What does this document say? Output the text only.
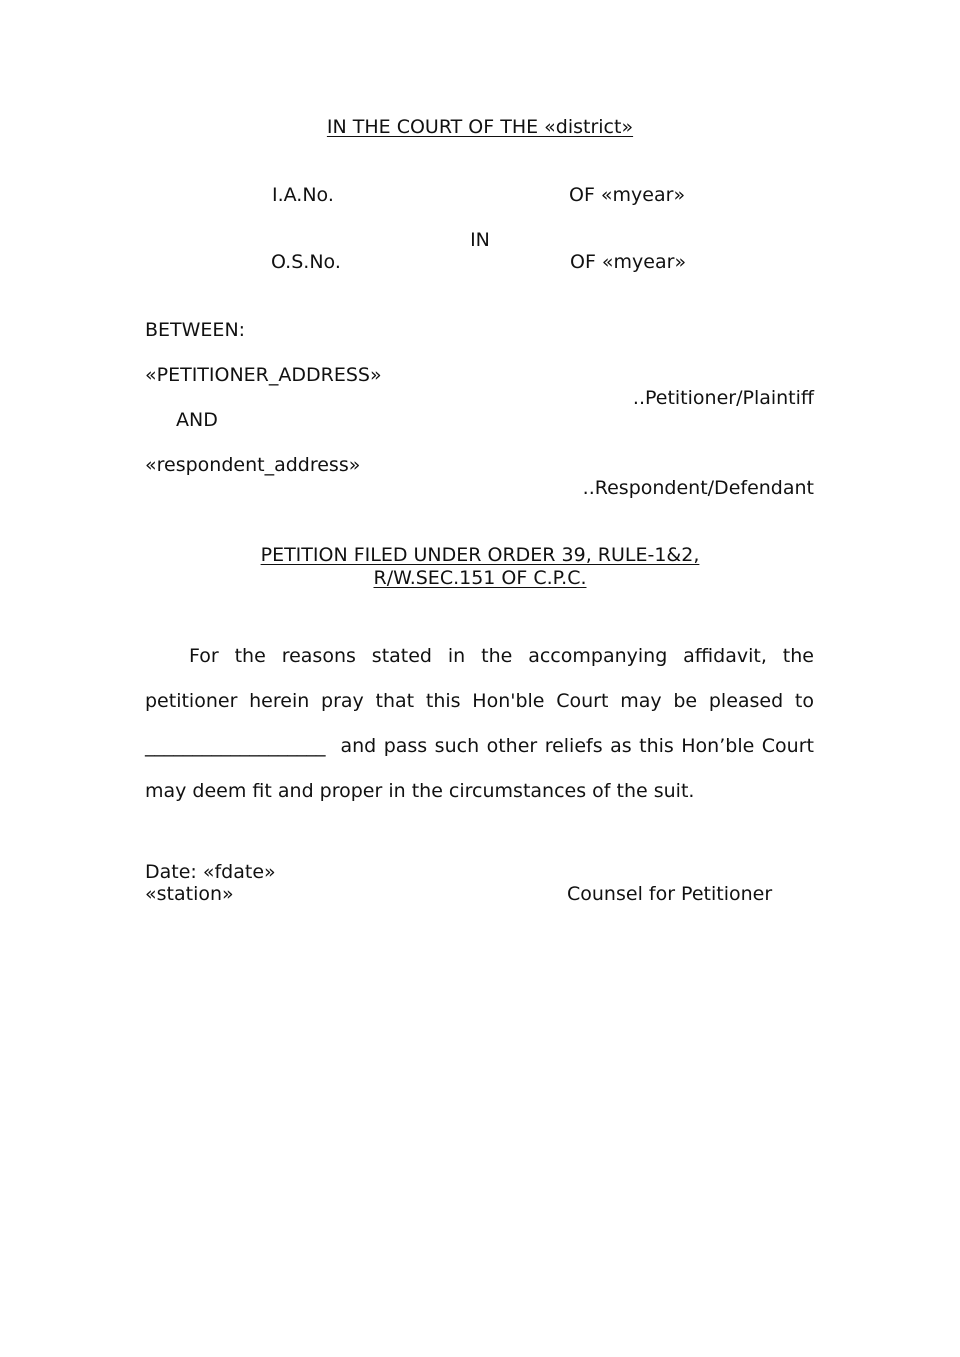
IN THE COURT OF THE «district»
I.A.No.	OF «myear»
IN
O.S.No.	OF «myear»
BETWEEN:
«PETITIONER_ADDRESS»
..Petitioner/Plaintiff
AND
«respondent_address»
..Respondent/Defendant
PETITION FILED UNDER ORDER 39, RULE-1&2,
R/W.SEC.151 OF C.P.C.
For the reasons stated in the accompanying affidavit, the petitioner herein pray that this Hon'ble Court may be pleased to ___________________ and pass such other reliefs as this Hon’ble Court may deem fit and proper in the circumstances of the suit.
Date: «fdate»
«station»	Counsel for Petitioner
